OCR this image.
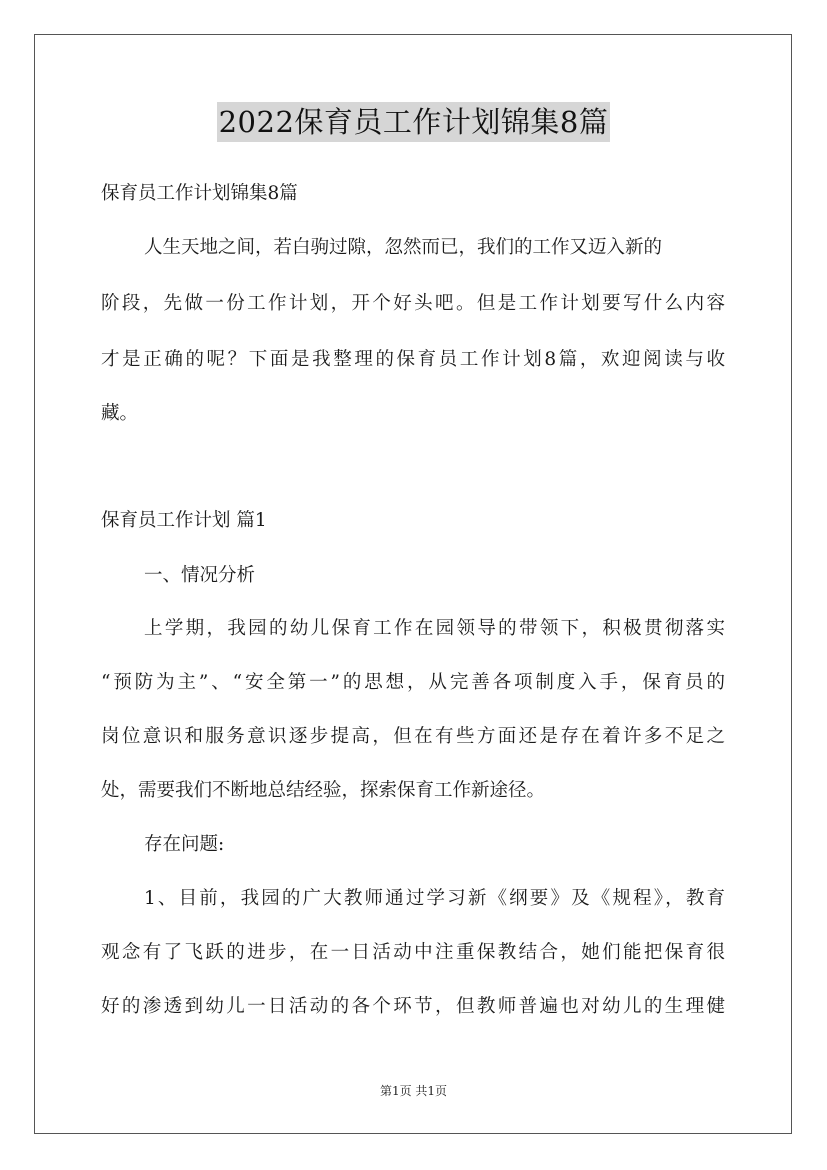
2022保育员工作计划锦集8篇
保育员工作计划锦集8篇
人生天地之间，若白驹过隙，忽然而已，我们的工作又迈入新的
阶段，先做一份工作计划，开个好头吧。但是工作计划要写什么内容
才是正确的呢？下面是我整理的保育员工作计划8篇，欢迎阅读与收
藏。
保育员工作计划 篇1
一、情况分析
上学期，我园的幼儿保育工作在园领导的带领下，积极贯彻落实
“预防为主”、“安全第一”的思想，从完善各项制度入手，保育员的
岗位意识和服务意识逐步提高，但在有些方面还是存在着许多不足之
处，需要我们不断地总结经验，探索保育工作新途径。
存在问题:
1、目前，我园的广大教师通过学习新《纲要》及《规程》，教育
观念有了飞跃的进步，在一日活动中注重保教结合，她们能把保育很
好的渗透到幼儿一日活动的各个环节，但教师普遍也对幼儿的生理健
第1页 共1页
